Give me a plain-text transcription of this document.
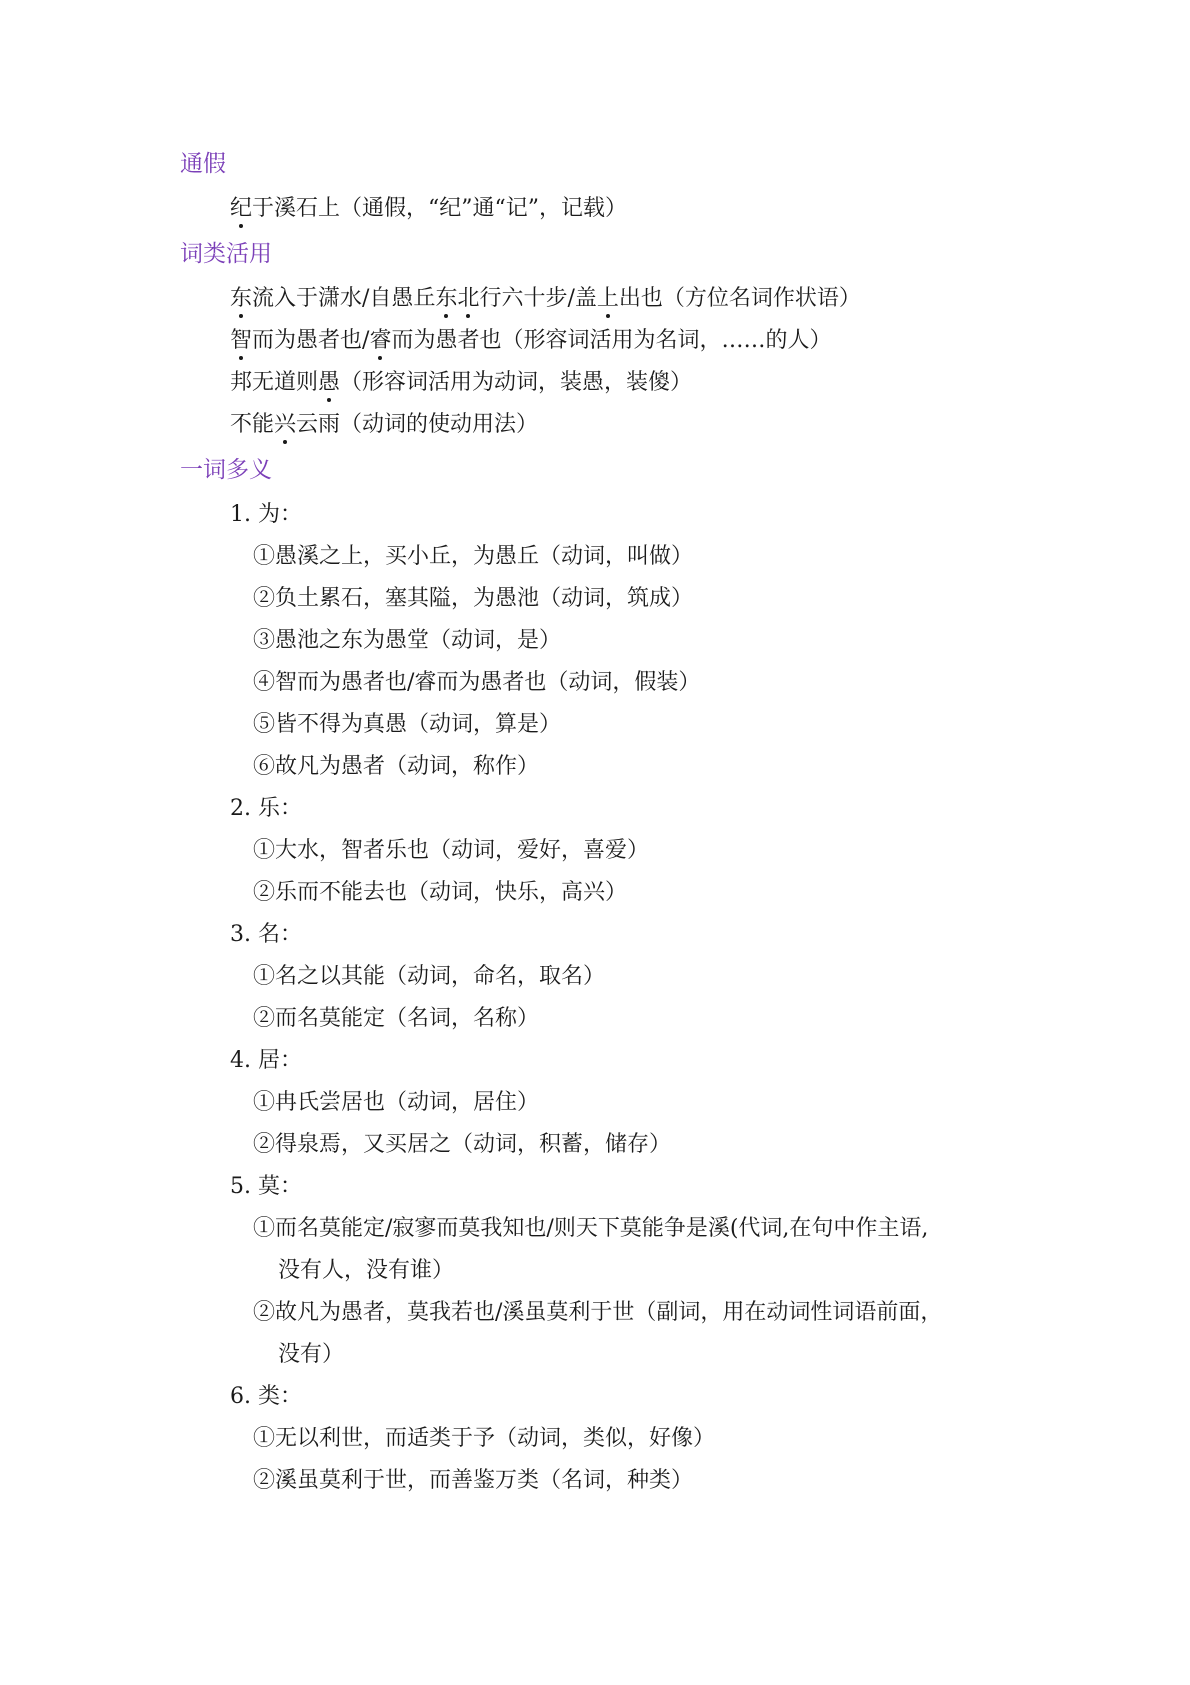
通假
纪于溪石上（通假，“纪”通“记”，记载）
词类活用
东流入于潇水/自愚丘东北行六十步/盖上出也（方位名词作状语）
智而为愚者也/睿而为愚者也（形容词活用为名词，……的人）
邦无道则愚（形容词活用为动词，装愚，装傻）
不能兴云雨（动词的使动用法）
一词多义
1. 为：
①愚溪之上，买小丘，为愚丘（动词，叫做）
②负土累石，塞其隘，为愚池（动词，筑成）
③愚池之东为愚堂（动词，是）
④智而为愚者也/睿而为愚者也（动词，假装）
⑤皆不得为真愚（动词，算是）
⑥故凡为愚者（动词，称作）
2. 乐：
①大水，智者乐也（动词，爱好，喜爱）
②乐而不能去也（动词，快乐，高兴）
3. 名：
①名之以其能（动词，命名，取名）
②而名莫能定（名词，名称）
4. 居：
①冉氏尝居也（动词，居住）
②得泉焉，又买居之（动词，积蓄，储存）
5. 莫：
①而名莫能定/寂寥而莫我知也/则天下莫能争是溪(代词,在句中作主语,
没有人，没有谁）
②故凡为愚者，莫我若也/溪虽莫利于世（副词，用在动词性词语前面，
没有）
6. 类：
①无以利世，而适类于予（动词，类似，好像）
②溪虽莫利于世，而善鉴万类（名词，种类）
